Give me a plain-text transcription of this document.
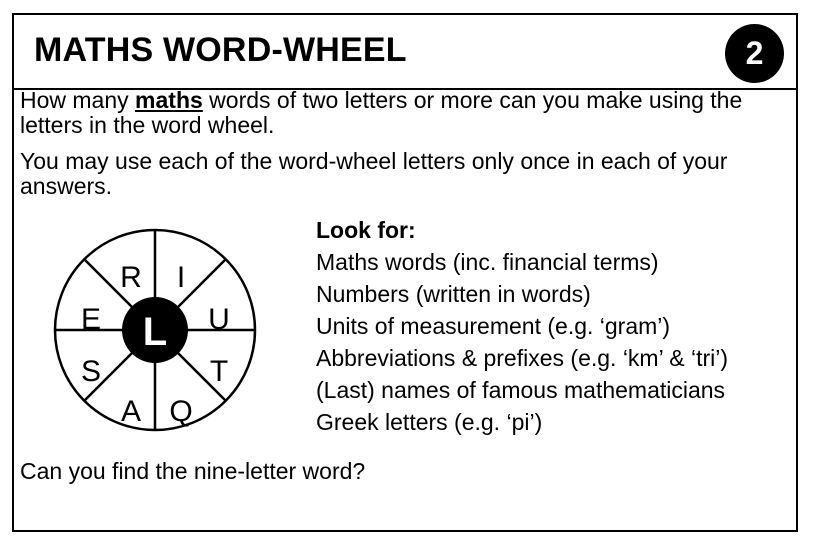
MATHS WORD-WHEEL	2
How many maths words of two letters or more can you make using the letters in the word wheel.
You may use each of the word-wheel letters only once in each of your answers.
L
R I
U
T
Q
A
S
E
Look for:
Maths words (inc. financial terms)
Numbers (written in words)
Units of measurement (e.g. ‘gram’)
Abbreviations & prefixes (e.g. ‘km’ & ‘tri’)
(Last) names of famous mathematicians
Greek letters (e.g. ‘pi’)
Can you find the nine-letter word?
